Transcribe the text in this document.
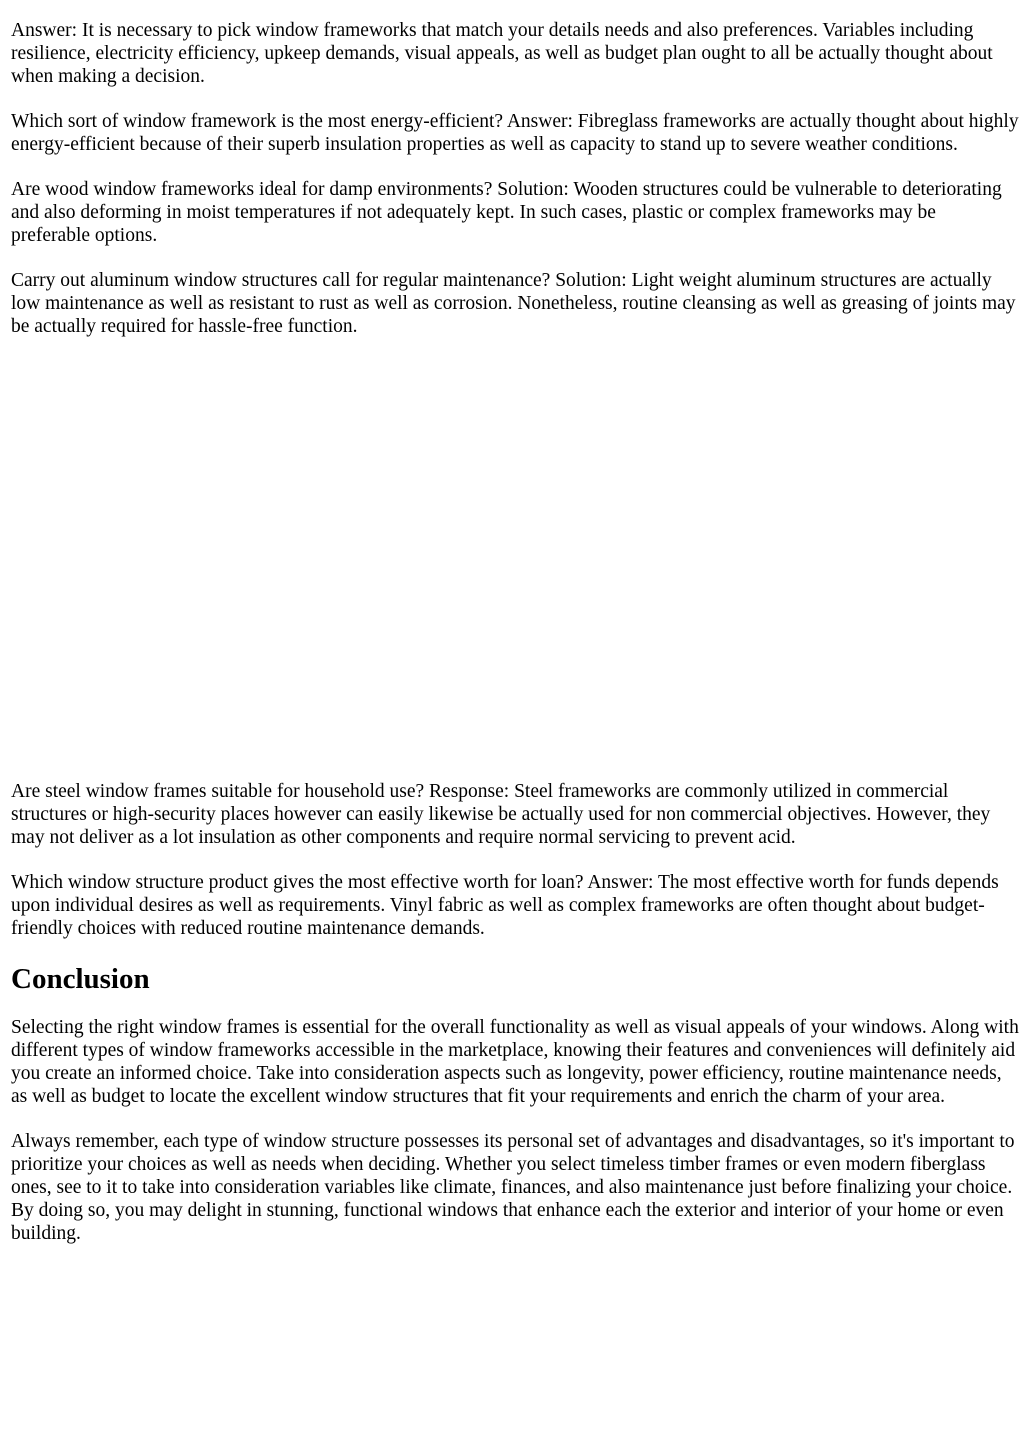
Answer: It is necessary to pick window frameworks that match your details needs and also preferences. Variables including resilience, electricity efficiency, upkeep demands, visual appeals, as well as budget plan ought to all be actually thought about when making a decision.

Which sort of window framework is the most energy-efficient? Answer: Fibreglass frameworks are actually thought about highly energy-efficient because of their superb insulation properties as well as capacity to stand up to severe weather conditions.

Are wood window frameworks ideal for damp environments? Solution: Wooden structures could be vulnerable to deteriorating and also deforming in moist temperatures if not adequately kept. In such cases, plastic or complex frameworks may be preferable options.

Carry out aluminum window structures call for regular maintenance? Solution: Light weight aluminum structures are actually low maintenance as well as resistant to rust as well as corrosion. Nonetheless, routine cleansing as well as greasing of joints may be actually required for hassle-free function.

Are steel window frames suitable for household use? Response: Steel frameworks are commonly utilized in commercial structures or high-security places however can easily likewise be actually used for non commercial objectives. However, they may not deliver as a lot insulation as other components and require normal servicing to prevent acid.

Which window structure product gives the most effective worth for loan? Answer: The most effective worth for funds depends upon individual desires as well as requirements. Vinyl fabric as well as complex frameworks are often thought about budget-friendly choices with reduced routine maintenance demands.

Conclusion

Selecting the right window frames is essential for the overall functionality as well as visual appeals of your windows. Along with different types of window frameworks accessible in the marketplace, knowing their features and conveniences will definitely aid you create an informed choice. Take into consideration aspects such as longevity, power efficiency, routine maintenance needs, as well as budget to locate the excellent window structures that fit your requirements and enrich the charm of your area.

Always remember, each type of window structure possesses its personal set of advantages and disadvantages, so it's important to prioritize your choices as well as needs when deciding. Whether you select timeless timber frames or even modern fiberglass ones, see to it to take into consideration variables like climate, finances, and also maintenance just before finalizing your choice. By doing so, you may delight in stunning, functional windows that enhance each the exterior and interior of your home or even building.
